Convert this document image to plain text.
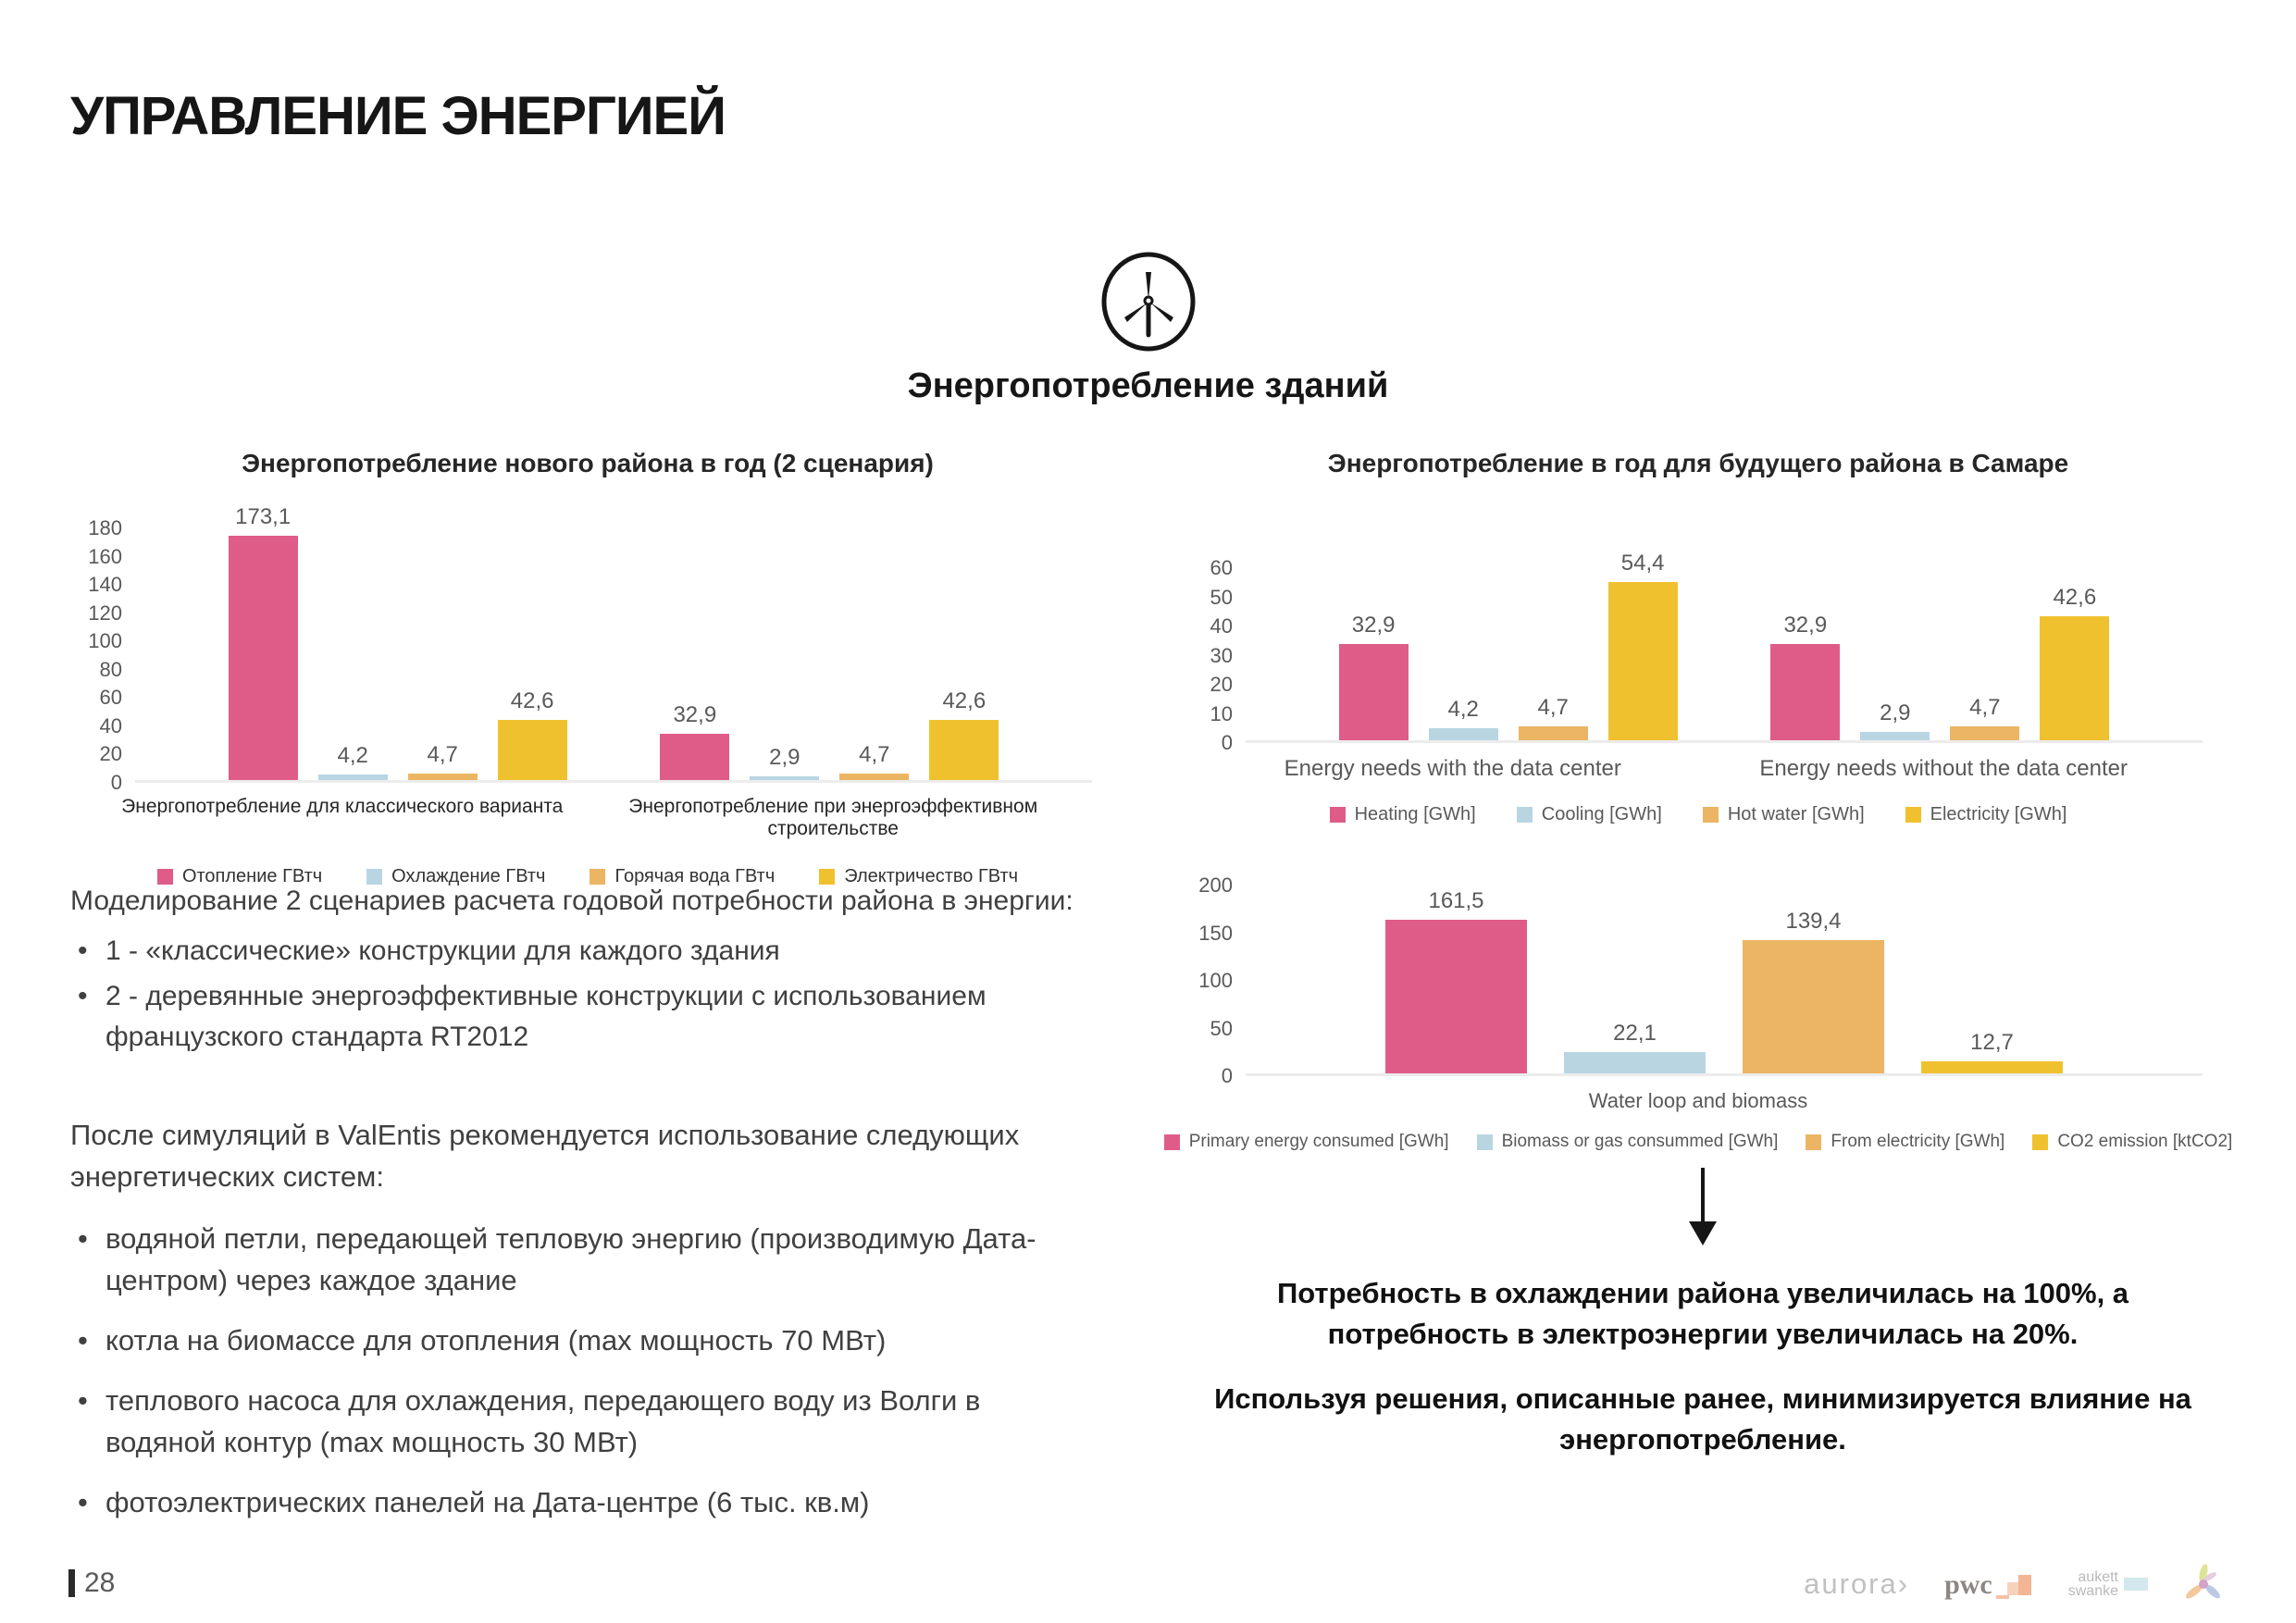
УПРАВЛЕНИЕ ЭНЕРГИЕЙ
Энергопотребление зданий
Энергопотребление нового района в год (2 сценария)
0
20
40
60
80
100
120
140
160
180	173,1
4,2	4,7
42,6
32,9
2,9	4,7
42,6
Энергопотребление для классического варианта	Энергопотребление при энергоэффективном строительстве
Отопление ГВтч	Охлаждение ГВтч	Горячая вода ГВтч	Электричество ГВтч
Энергопотребление в год для будущего района в Самаре
0
10
20
30
40
50
60
32,9
4,2	4,7
54,4
32,9
2,9	4,7
42,6
Energy needs with the data center	Energy needs without the data center
Heating [GWh]	Cooling [GWh]	Hot water [GWh]	Electricity [GWh]
0
50
100
150
200
161,5
22,1
139,4
12,7
Water loop and biomass
Primary energy consumed [GWh]	Biomass or gas consummed [GWh]	From electricity [GWh]	CO2 emission [ktCO2]

Моделирование 2 сценариев расчета годовой потребности района в энергии:

• 1 - «классические» конструкции для каждого здания
• 2 - деревянные энергоэффективные конструкции с использованием французского стандарта RT2012

После симуляций в ValEntis рекомендуется использование следующих энергетических систем:

• водяной петли, передающей тепловую энергию (производимую Дата-центром) через каждое здание
• котла на биомассе для отопления (max мощность 70 МВт)
• теплового насоса для охлаждения, передающего воду из Волги в водяной контур (max мощность 30 МВт)
• фотоэлектрических панелей на Дата-центре (6 тыс. кв.м)

Потребность в охлаждении района увеличилась на 100%, а потребность в электроэнергии увеличилась на 20%.

Используя решения, описанные ранее, минимизируется влияние на энергопотребление.

28	aurora› pwc	aukett
swanke
